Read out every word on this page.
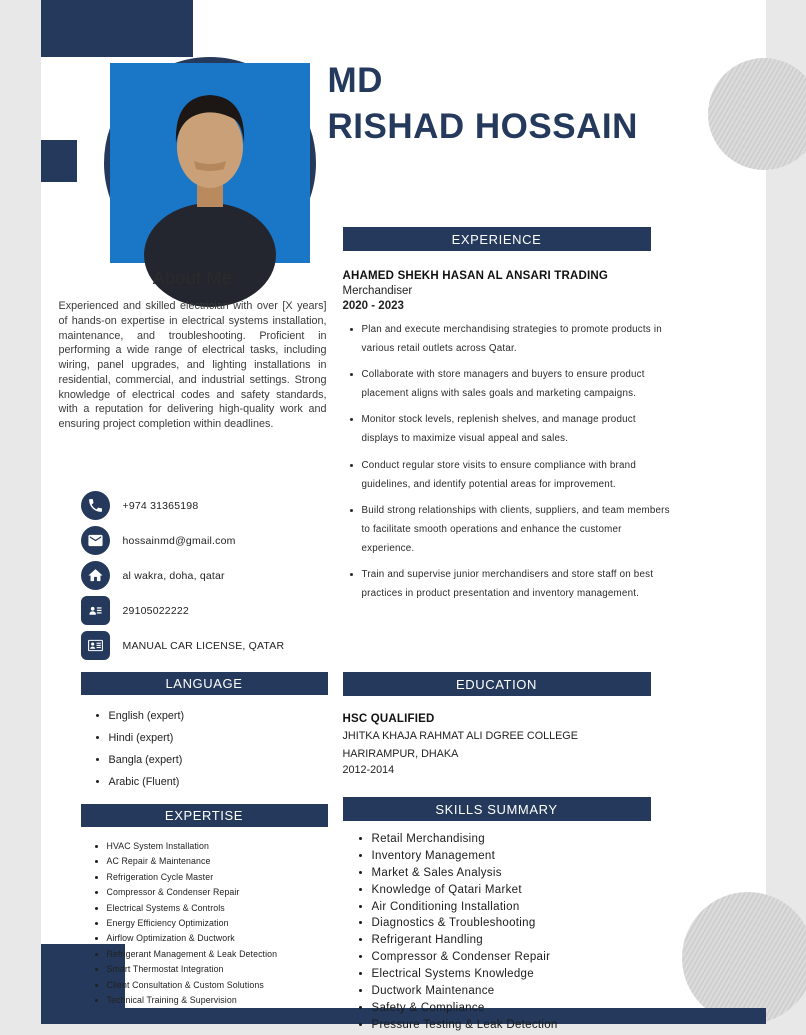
About Me

Experienced and skilled electrician with over [X years] of hands-on expertise in electrical systems installation, maintenance, and troubleshooting. Proficient in performing a wide range of electrical tasks, including wiring, panel upgrades, and lighting installations in residential, commercial, and industrial settings. Strong knowledge of electrical codes and safety standards, with a reputation for delivering high-quality work and ensuring project completion within deadlines.

+974 31365198
hossainmd@gmail.com
al wakra, doha, qatar
29105022222
MANUAL CAR LICENSE, QATAR
LANGUAGE
• English (expert)
• Hindi (expert)
• Bangla (expert)
• Arabic (Fluent)
EXPERTISE
• HVAC System Installation
• AC Repair & Maintenance
• Refrigeration Cycle Master
• Compressor & Condenser Repair
• Electrical Systems & Controls
• Energy Efficiency Optimization
• Airflow Optimization & Ductwork
• Refrigerant Management & Leak Detection
• Smart Thermostat Integration
• Client Consultation & Custom Solutions
• Technical Training & Supervision
MD
RISHAD HOSSAIN
EXPERIENCE
AHAMED SHEKH HASAN AL ANSARI TRADING
Merchandiser
2020 - 2023
• Plan and execute merchandising strategies to promote products in various retail outlets across Qatar.
• Collaborate with store managers and buyers to ensure product placement aligns with sales goals and marketing campaigns.
• Monitor stock levels, replenish shelves, and manage product displays to maximize visual appeal and sales.
• Conduct regular store visits to ensure compliance with brand guidelines, and identify potential areas for improvement.
• Build strong relationships with clients, suppliers, and team members to facilitate smooth operations and enhance the customer experience.
• Train and supervise junior merchandisers and store staff on best practices in product presentation and inventory management.
EDUCATION
HSC QUALIFIED
JHITKA KHAJA RAHMAT ALI DGREE COLLEGE
HARIRAMPUR, DHAKA
2012-2014
SKILLS SUMMARY
• Retail Merchandising
• Inventory Management
• Market & Sales Analysis
• Knowledge of Qatari Market
• Air Conditioning Installation
• Diagnostics & Troubleshooting
• Refrigerant Handling
• Compressor & Condenser Repair
• Electrical Systems Knowledge
• Ductwork Maintenance
• Safety & Compliance
• Pressure Testing & Leak Detection
